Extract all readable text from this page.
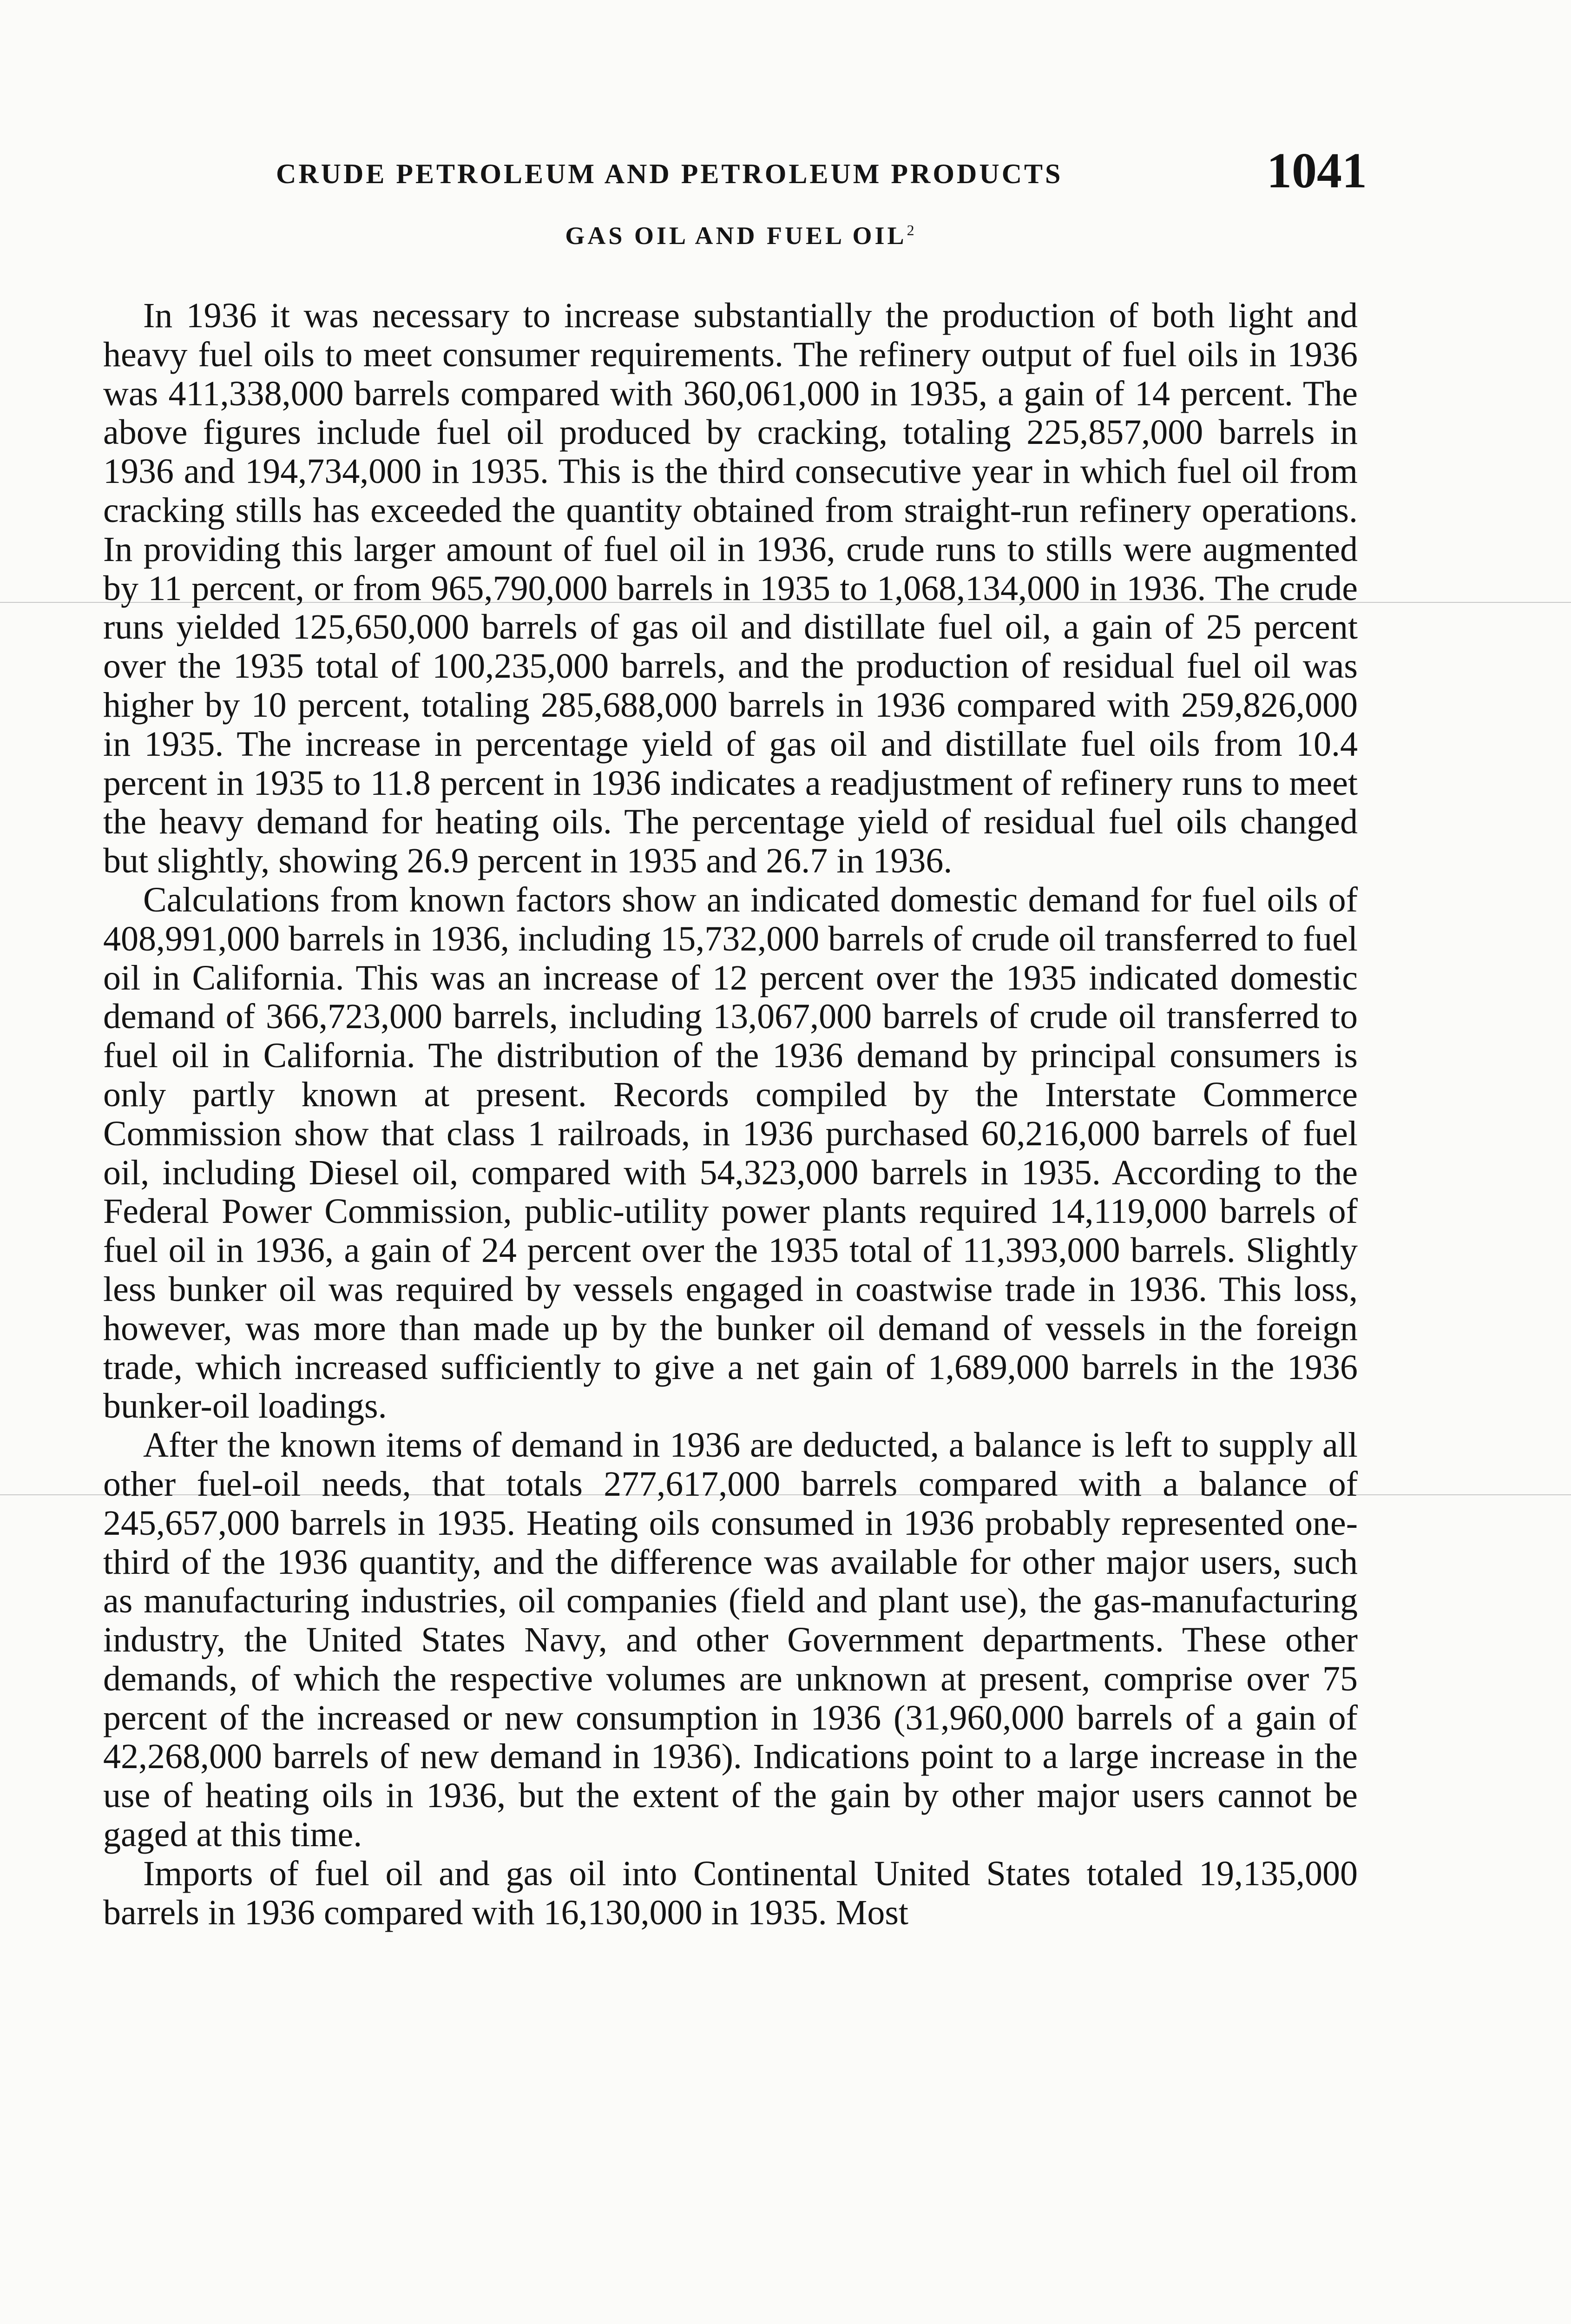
CRUDE PETROLEUM AND PETROLEUM PRODUCTS	1041
GAS OIL AND FUEL OIL$^2$

In 1936 it was necessary to increase substantially the production of both light and heavy fuel oils to meet consumer requirements. The refinery output of fuel oils in 1936 was 411,338,000 barrels compared with 360,061,000 in 1935, a gain of 14 percent. The above figures include fuel oil produced by cracking, totaling 225,857,000 barrels in 1936 and 194,734,000 in 1935. This is the third consecutive year in which fuel oil from cracking stills has exceeded the quantity obtained from straight-run refinery operations. In providing this larger amount of fuel oil in 1936, crude runs to stills were augmented by 11 percent, or from 965,790,000 barrels in 1935 to 1,068,134,000 in 1936. The crude runs yielded 125,650,000 barrels of gas oil and distillate fuel oil, a gain of 25 percent over the 1935 total of 100,235,000 barrels, and the production of residual fuel oil was higher by 10 percent, totaling 285,688,000 barrels in 1936 compared with 259,826,000 in 1935. The increase in percentage yield of gas oil and distillate fuel oils from 10.4 percent in 1935 to 11.8 percent in 1936 indicates a readjustment of refinery runs to meet the heavy demand for heating oils. The percentage yield of residual fuel oils changed but slightly, showing 26.9 percent in 1935 and 26.7 in 1936.

Calculations from known factors show an indicated domestic demand for fuel oils of 408,991,000 barrels in 1936, including 15,732,000 barrels of crude oil transferred to fuel oil in California. This was an increase of 12 percent over the 1935 indicated domestic demand of 366,723,000 barrels, including 13,067,000 barrels of crude oil transferred to fuel oil in California. The distribution of the 1936 demand by principal consumers is only partly known at present. Records compiled by the Interstate Commerce Commission show that class 1 railroads, in 1936 purchased 60,216,000 barrels of fuel oil, including Diesel oil, compared with 54,323,000 barrels in 1935. According to the Federal Power Commission, public-utility power plants required 14,119,000 barrels of fuel oil in 1936, a gain of 24 percent over the 1935 total of 11,393,000 barrels. Slightly less bunker oil was required by vessels engaged in coastwise trade in 1936. This loss, however, was more than made up by the bunker oil demand of vessels in the foreign trade, which increased sufficiently to give a net gain of 1,689,000 barrels in the 1936 bunker-oil loadings.

After the known items of demand in 1936 are deducted, a balance is left to supply all other fuel-oil needs, that totals 277,617,000 barrels compared with a balance of 245,657,000 barrels in 1935. Heating oils consumed in 1936 probably represented one-third of the 1936 quantity, and the difference was available for other major users, such as manufacturing industries, oil companies (field and plant use), the gas-manufacturing industry, the United States Navy, and other Government departments. These other demands, of which the respective volumes are unknown at present, comprise over 75 percent of the increased or new consumption in 1936 (31,960,000 barrels of a gain of 42,268,000 barrels of new demand in 1936). Indications point to a large increase in the use of heating oils in 1936, but the extent of the gain by other major users cannot be gaged at this time.

Imports of fuel oil and gas oil into Continental United States totaled 19,135,000 barrels in 1936 compared with 16,130,000 in 1935. Most
